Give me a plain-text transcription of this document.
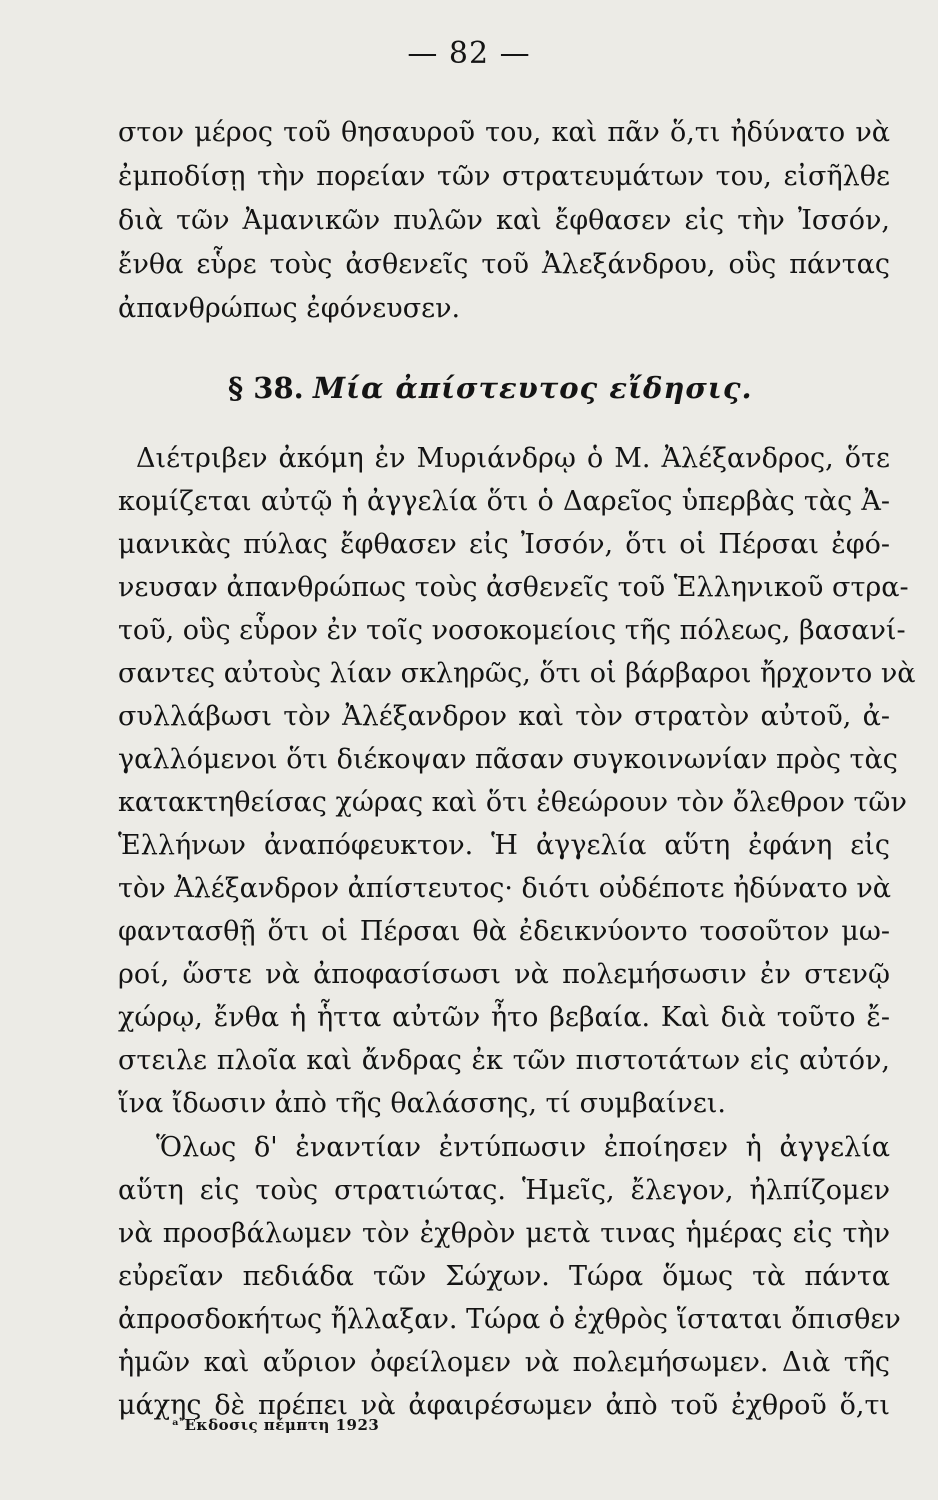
— 82 —
στον μέρος τοῦ θησαυροῦ του, καὶ πᾶν ὅ,τι ἠδύνατο νὰ
ἐμποδίσῃ τὴν πορείαν τῶν στρατευμάτων του, εἰσῆλθε
διὰ τῶν Ἀμανικῶν πυλῶν καὶ ἔφθασεν εἰς τὴν Ἰσσόν,
ἔνθα εὗρε τοὺς ἀσθενεῖς τοῦ Ἀλεξάνδρου, οὓς πάντας
ἀπανθρώπως ἐφόνευσεν.
§ 38. Μία ἀπίστευτος εἴδησις.
Διέτριβεν ἀκόμη ἐν Μυριάνδρῳ ὁ Μ. Ἀλέξανδρος, ὅτε
κομίζεται αὐτῷ ἡ ἀγγελία ὅτι ὁ Δαρεῖος ὑπερβὰς τὰς Ἀ-
μανικὰς πύλας ἔφθασεν εἰς Ἰσσόν, ὅτι οἱ Πέρσαι ἐφό-
νευσαν ἀπανθρώπως τοὺς ἀσθενεῖς τοῦ Ἑλληνικοῦ στρα-
τοῦ, οὓς εὗρον ἐν τοῖς νοσοκομείοις τῆς πόλεως, βασανί-
σαντες αὐτοὺς λίαν σκληρῶς, ὅτι οἱ βάρβαροι ἤρχοντο νὰ
συλλάβωσι τὸν Ἀλέξανδρον καὶ τὸν στρατὸν αὐτοῦ, ἀ-
γαλλόμενοι ὅτι διέκοψαν πᾶσαν συγκοινωνίαν πρὸς τὰς
κατακτηθείσας χώρας καὶ ὅτι ἐθεώρουν τὸν ὄλεθρον τῶν
Ἑλλήνων ἀναπόφευκτον. Ἡ ἀγγελία αὕτη ἐφάνη εἰς
τὸν Ἀλέξανδρον ἀπίστευτος· διότι οὐδέποτε ἠδύνατο νὰ
φαντασθῇ ὅτι οἱ Πέρσαι θὰ ἐδεικνύοντο τοσοῦτον μω-
ροί, ὥστε νὰ ἀποφασίσωσι νὰ πολεμήσωσιν ἐν στενῷ
χώρῳ, ἔνθα ἡ ἧττα αὐτῶν ἦτο βεβαία. Καὶ διὰ τοῦτο ἔ-
στειλε πλοῖα καὶ ἄνδρας ἐκ τῶν πιστοτάτων εἰς αὐτόν,
ἵνα ἴδωσιν ἀπὸ τῆς θαλάσσης, τί συμβαίνει.
Ὅλως δ' ἐναντίαν ἐντύπωσιν ἐποίησεν ἡ ἀγγελία
αὕτη εἰς τοὺς στρατιώτας. Ἡμεῖς, ἔλεγον, ἠλπίζομεν
νὰ προσβάλωμεν τὸν ἐχθρὸν μετὰ τινας ἡμέρας εἰς τὴν
εὐρεῖαν πεδιάδα τῶν Σώχων. Τώρα ὅμως τὰ πάντα
ἀπροσδοκήτως ἤλλαξαν. Τώρα ὁ ἐχθρὸς ἵσταται ὄπισθεν
ἡμῶν καὶ αὔριον ὀφείλομεν νὰ πολεμήσωμεν. Διὰ τῆς
μάχης δὲ πρέπει νὰ ἀφαιρέσωμεν ἀπὸ τοῦ ἐχθροῦ ὅ,τι
ᵃἜκδοσις πέμπτη 1923
